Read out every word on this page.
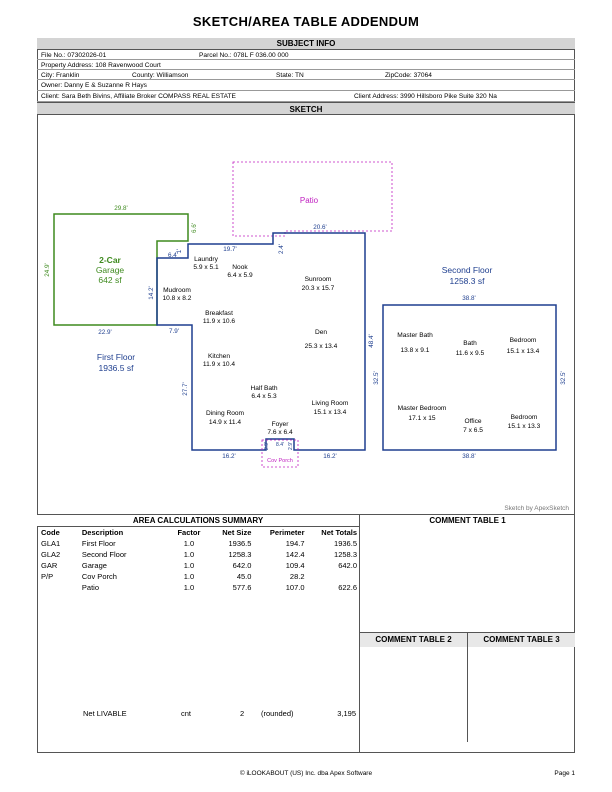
SKETCH/AREA TABLE ADDENDUM
SUBJECT INFO
File No.: 07302026-01	Parcel No.: 078L F 036.00 000
Property Address: 108 Ravenwood Court
City: Franklin	County: Williamson	State: TN	ZipCode: 37064
Owner: Danny E & Suzanne R Hays
Client: Sara Beth Bivins, Affiliate Broker COMPASS REAL ESTATE	Client Address: 3990 Hillsboro Pike Suite 320 Na
SKETCH
Patio
2-Car
Garage
642 sf
First Floor
1936.5 sf
Second Floor
1258.3 sf
Cov Porch
Laundry
5.9 x 5.1 Nook
6.4 x 5.9
Sunroom
20.3 x 15.7
Mudroom
10.8 x 8.2
Breakfast
11.9 x 10.6
Den
25.3 x 13.4
Kitchen
11.9 x 10.4
Half Bath
6.4 x 5.3
Living Room
15.1 x 13.4
Dining Room
14.9 x 11.4	Foyer
7.6 x 6.4
Master Bath
13.8 x 9.1
Bath
11.6 x 9.5
Bedroom
15.1 x 13.4
Master Bedroom
17.1 x 15	Office
7 x 6.5
Bedroom
15.1 x 13.3
29.8'
24.9'
6.6'
22.9'
6.4'
1'
14.2'
7.9'
19.7'	2.4'
20.6'
48.4'
27.7'
16.2'	16.2'
2.9' 8.4' 2.9'
38.8'
38.8'
32.5'	32.5'
Sketch by ApexSketch
AREA CALCULATIONS SUMMARY
Code	Description	Factor	Net Size	Perimeter	Net Totals
GLA1	First Floor	1.0	1936.5	194.7	1936.5
GLA2	Second Floor	1.0	1258.3	142.4	1258.3
GAR	Garage	1.0	642.0	109.4	642.0
P/P	Cov Porch	1.0	45.0	28.2	
	Patio	1.0	577.6	107.0	622.6
Net LIVABLE	cnt	2 (rounded)	3,195
COMMENT TABLE 1
COMMENT TABLE 2	COMMENT TABLE 3
© iLOOKABOUT (US) Inc. dba Apex Software	Page 1
